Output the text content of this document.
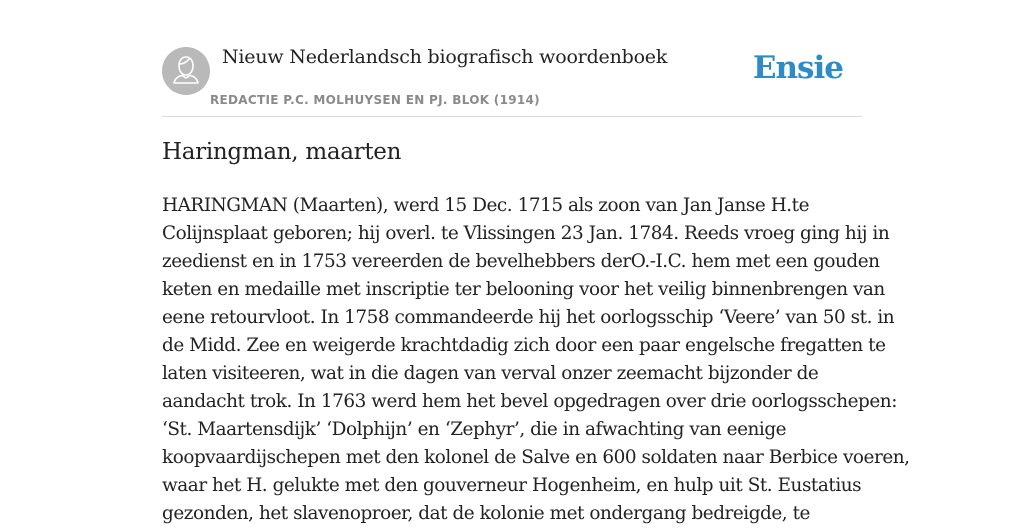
Nieuw Nederlandsch biografisch woordenboek
REDACTIE P.C. MOLHUYSEN EN PJ. BLOK (1914)
Ensie
Haringman, maarten

HARINGMAN (Maarten), werd 15 Dec. 1715 als zoon van Jan Janse H.te
Colijnsplaat geboren; hij overl. te Vlissingen 23 Jan. 1784. Reeds vroeg ging hij in
zeedienst en in 1753 vereerden de bevelhebbers derO.-I.C. hem met een gouden
keten en medaille met inscriptie ter belooning voor het veilig binnenbrengen van
eene retourvloot. In 1758 commandeerde hij het oorlogsschip ‘Veere’ van 50 st. in
de Midd. Zee en weigerde krachtdadig zich door een paar engelsche fregatten te
laten visiteeren, wat in die dagen van verval onzer zeemacht bijzonder de
aandacht trok. In 1763 werd hem het bevel opgedragen over drie oorlogsschepen:
‘St. Maartensdijk’ ‘Dolphijn’ en ‘Zephyr’, die in afwachting van eenige
koopvaardijschepen met den kolonel de Salve en 600 soldaten naar Berbice voeren,
waar het H. gelukte met den gouverneur Hogenheim, en hulp uit St. Eustatius
gezonden, het slavenoproer, dat de kolonie met ondergang bedreigde, te
